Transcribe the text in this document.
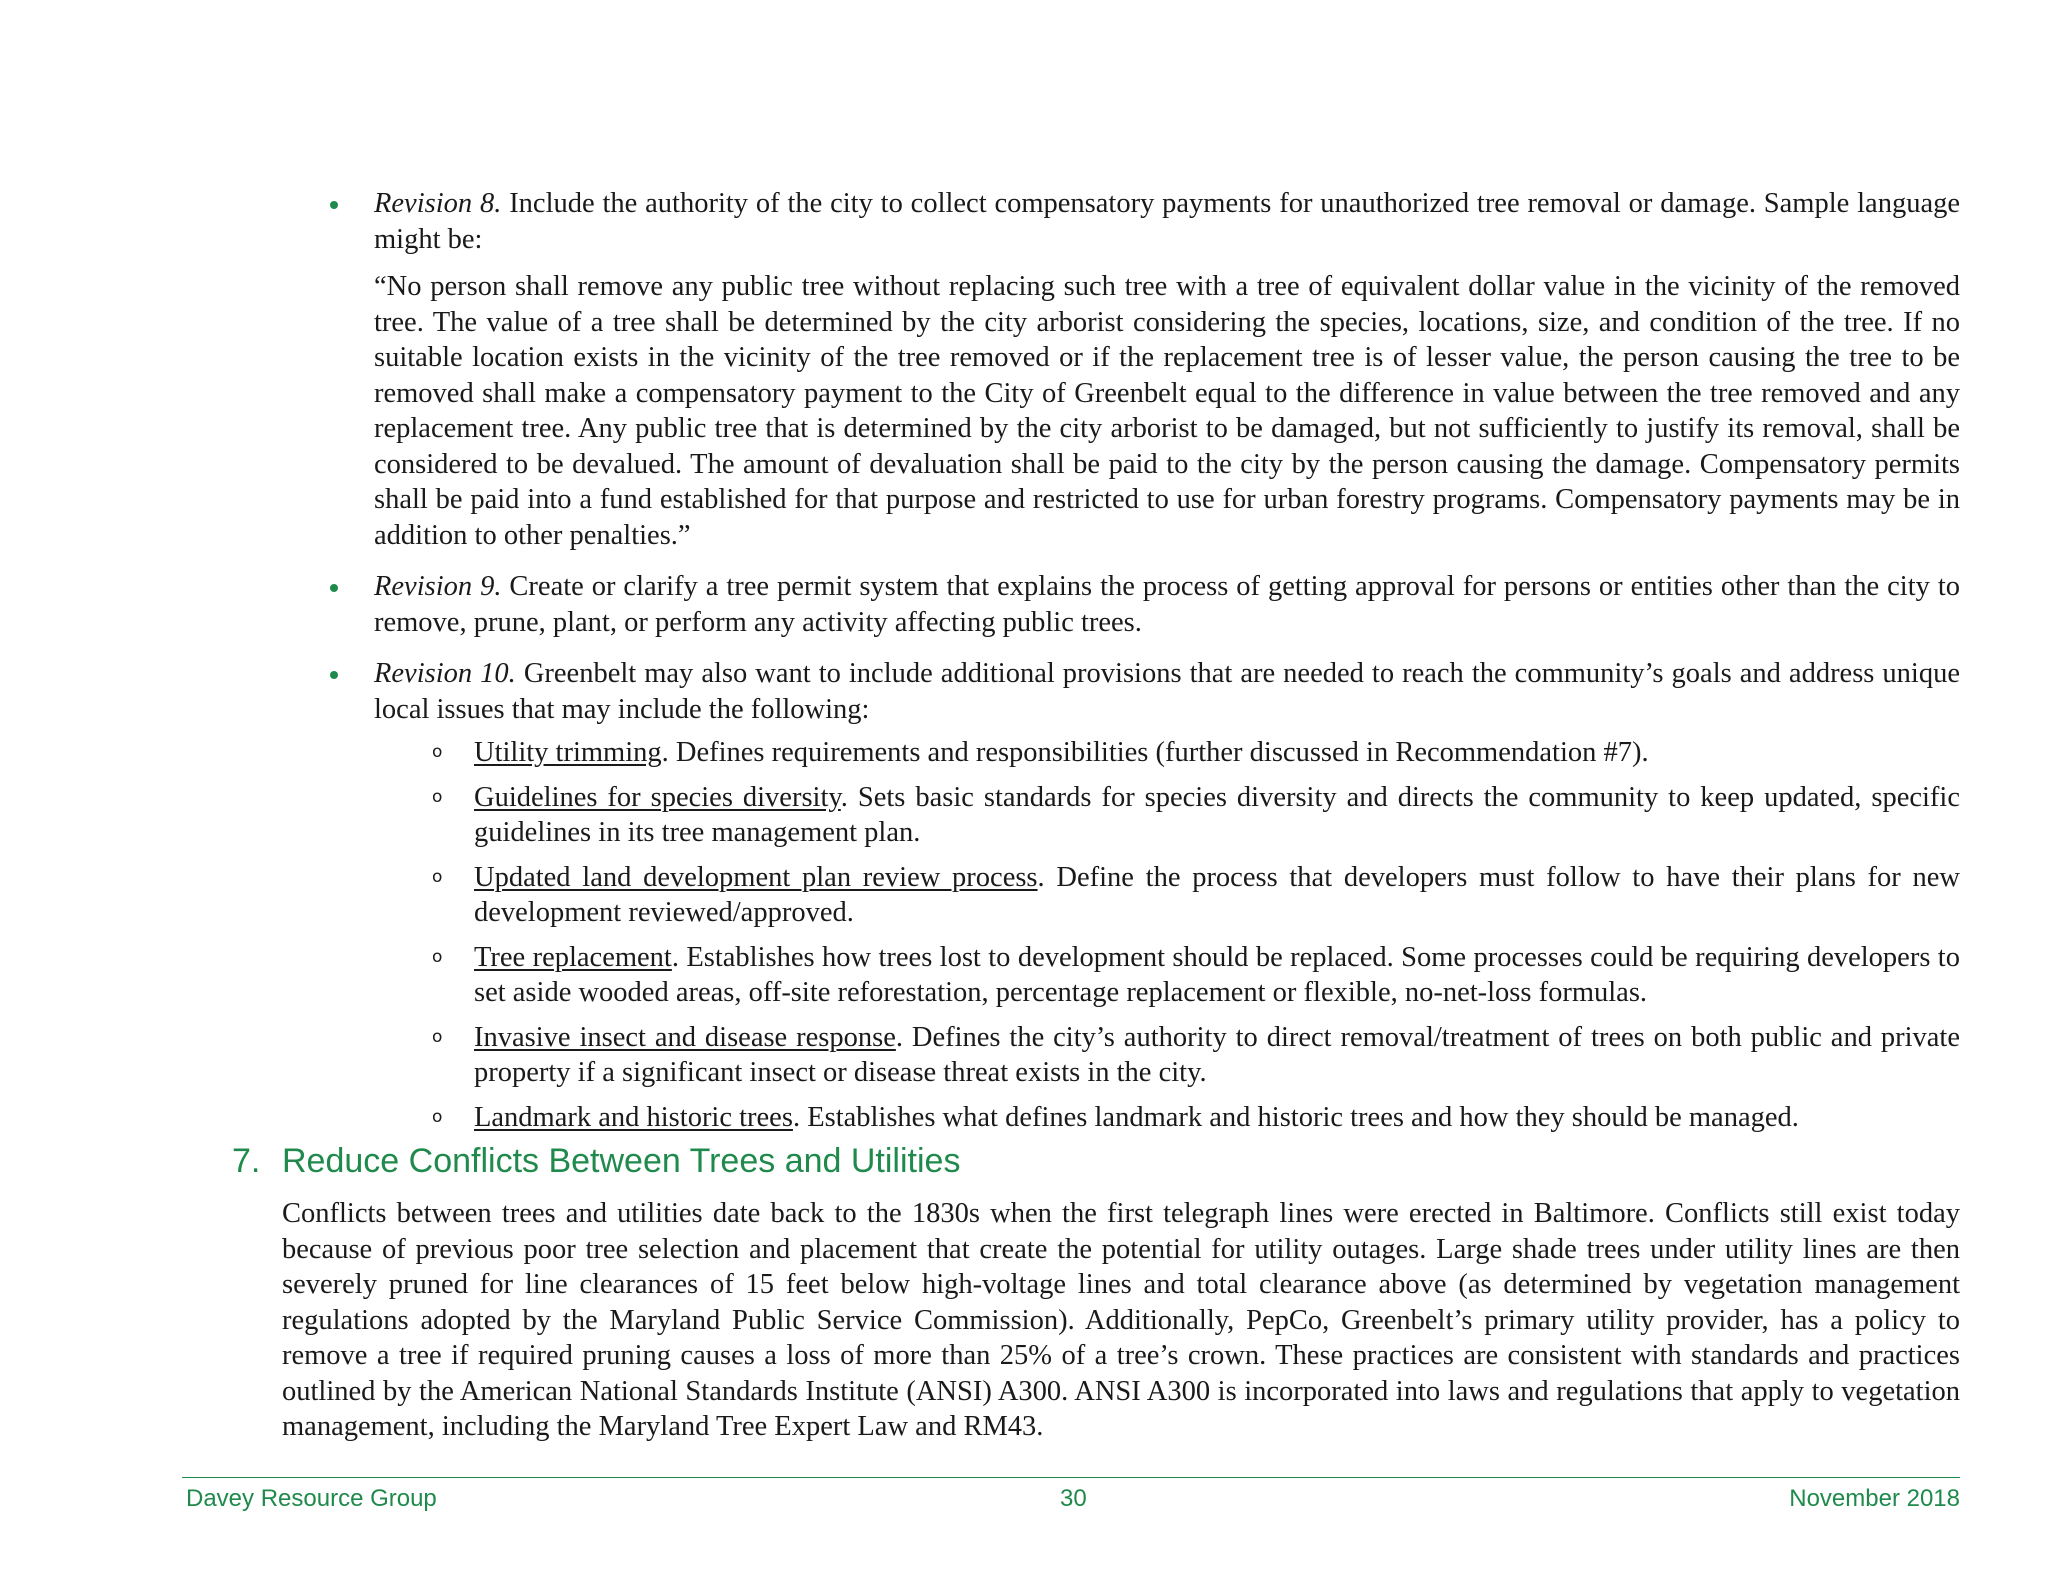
Revision 8. Include the authority of the city to collect compensatory payments for unauthorized tree removal or damage. Sample language might be:

“No person shall remove any public tree without replacing such tree with a tree of equivalent dollar value in the vicinity of the removed tree. The value of a tree shall be determined by the city arborist considering the species, locations, size, and condition of the tree. If no suitable location exists in the vicinity of the tree removed or if the replacement tree is of lesser value, the person causing the tree to be removed shall make a compensatory payment to the City of Greenbelt equal to the difference in value between the tree removed and any replacement tree. Any public tree that is determined by the city arborist to be damaged, but not sufficiently to justify its removal, shall be considered to be devalued. The amount of devaluation shall be paid to the city by the person causing the damage. Compensatory permits shall be paid into a fund established for that purpose and restricted to use for urban forestry programs. Compensatory payments may be in addition to other penalties.”

Revision 9. Create or clarify a tree permit system that explains the process of getting approval for persons or entities other than the city to remove, prune, plant, or perform any activity affecting public trees.

Revision 10. Greenbelt may also want to include additional provisions that are needed to reach the community’s goals and address unique local issues that may include the following:

o Utility trimming. Defines requirements and responsibilities (further discussed in Recommendation #7).

o Guidelines for species diversity. Sets basic standards for species diversity and directs the community to keep updated, specific guidelines in its tree management plan.

o Updated land development plan review process. Define the process that developers must follow to have their plans for new development reviewed/approved.

o Tree replacement. Establishes how trees lost to development should be replaced. Some processes could be requiring developers to set aside wooded areas, off-site reforestation, percentage replacement or flexible, no-net-loss formulas.

o Invasive insect and disease response. Defines the city’s authority to direct removal/treatment of trees on both public and private property if a significant insect or disease threat exists in the city.

o Landmark and historic trees. Establishes what defines landmark and historic trees and how they should be managed.

7. Reduce Conflicts Between Trees and Utilities

Conflicts between trees and utilities date back to the 1830s when the first telegraph lines were erected in Baltimore. Conflicts still exist today because of previous poor tree selection and placement that create the potential for utility outages. Large shade trees under utility lines are then severely pruned for line clearances of 15 feet below high-voltage lines and total clearance above (as determined by vegetation management regulations adopted by the Maryland Public Service Commission). Additionally, PepCo, Greenbelt’s primary utility provider, has a policy to remove a tree if required pruning causes a loss of more than 25% of a tree’s crown. These practices are consistent with standards and practices outlined by the American National Standards Institute (ANSI) A300. ANSI A300 is incorporated into laws and regulations that apply to vegetation management, including the Maryland Tree Expert Law and RM43.

Davey Resource Group	30	November 2018
